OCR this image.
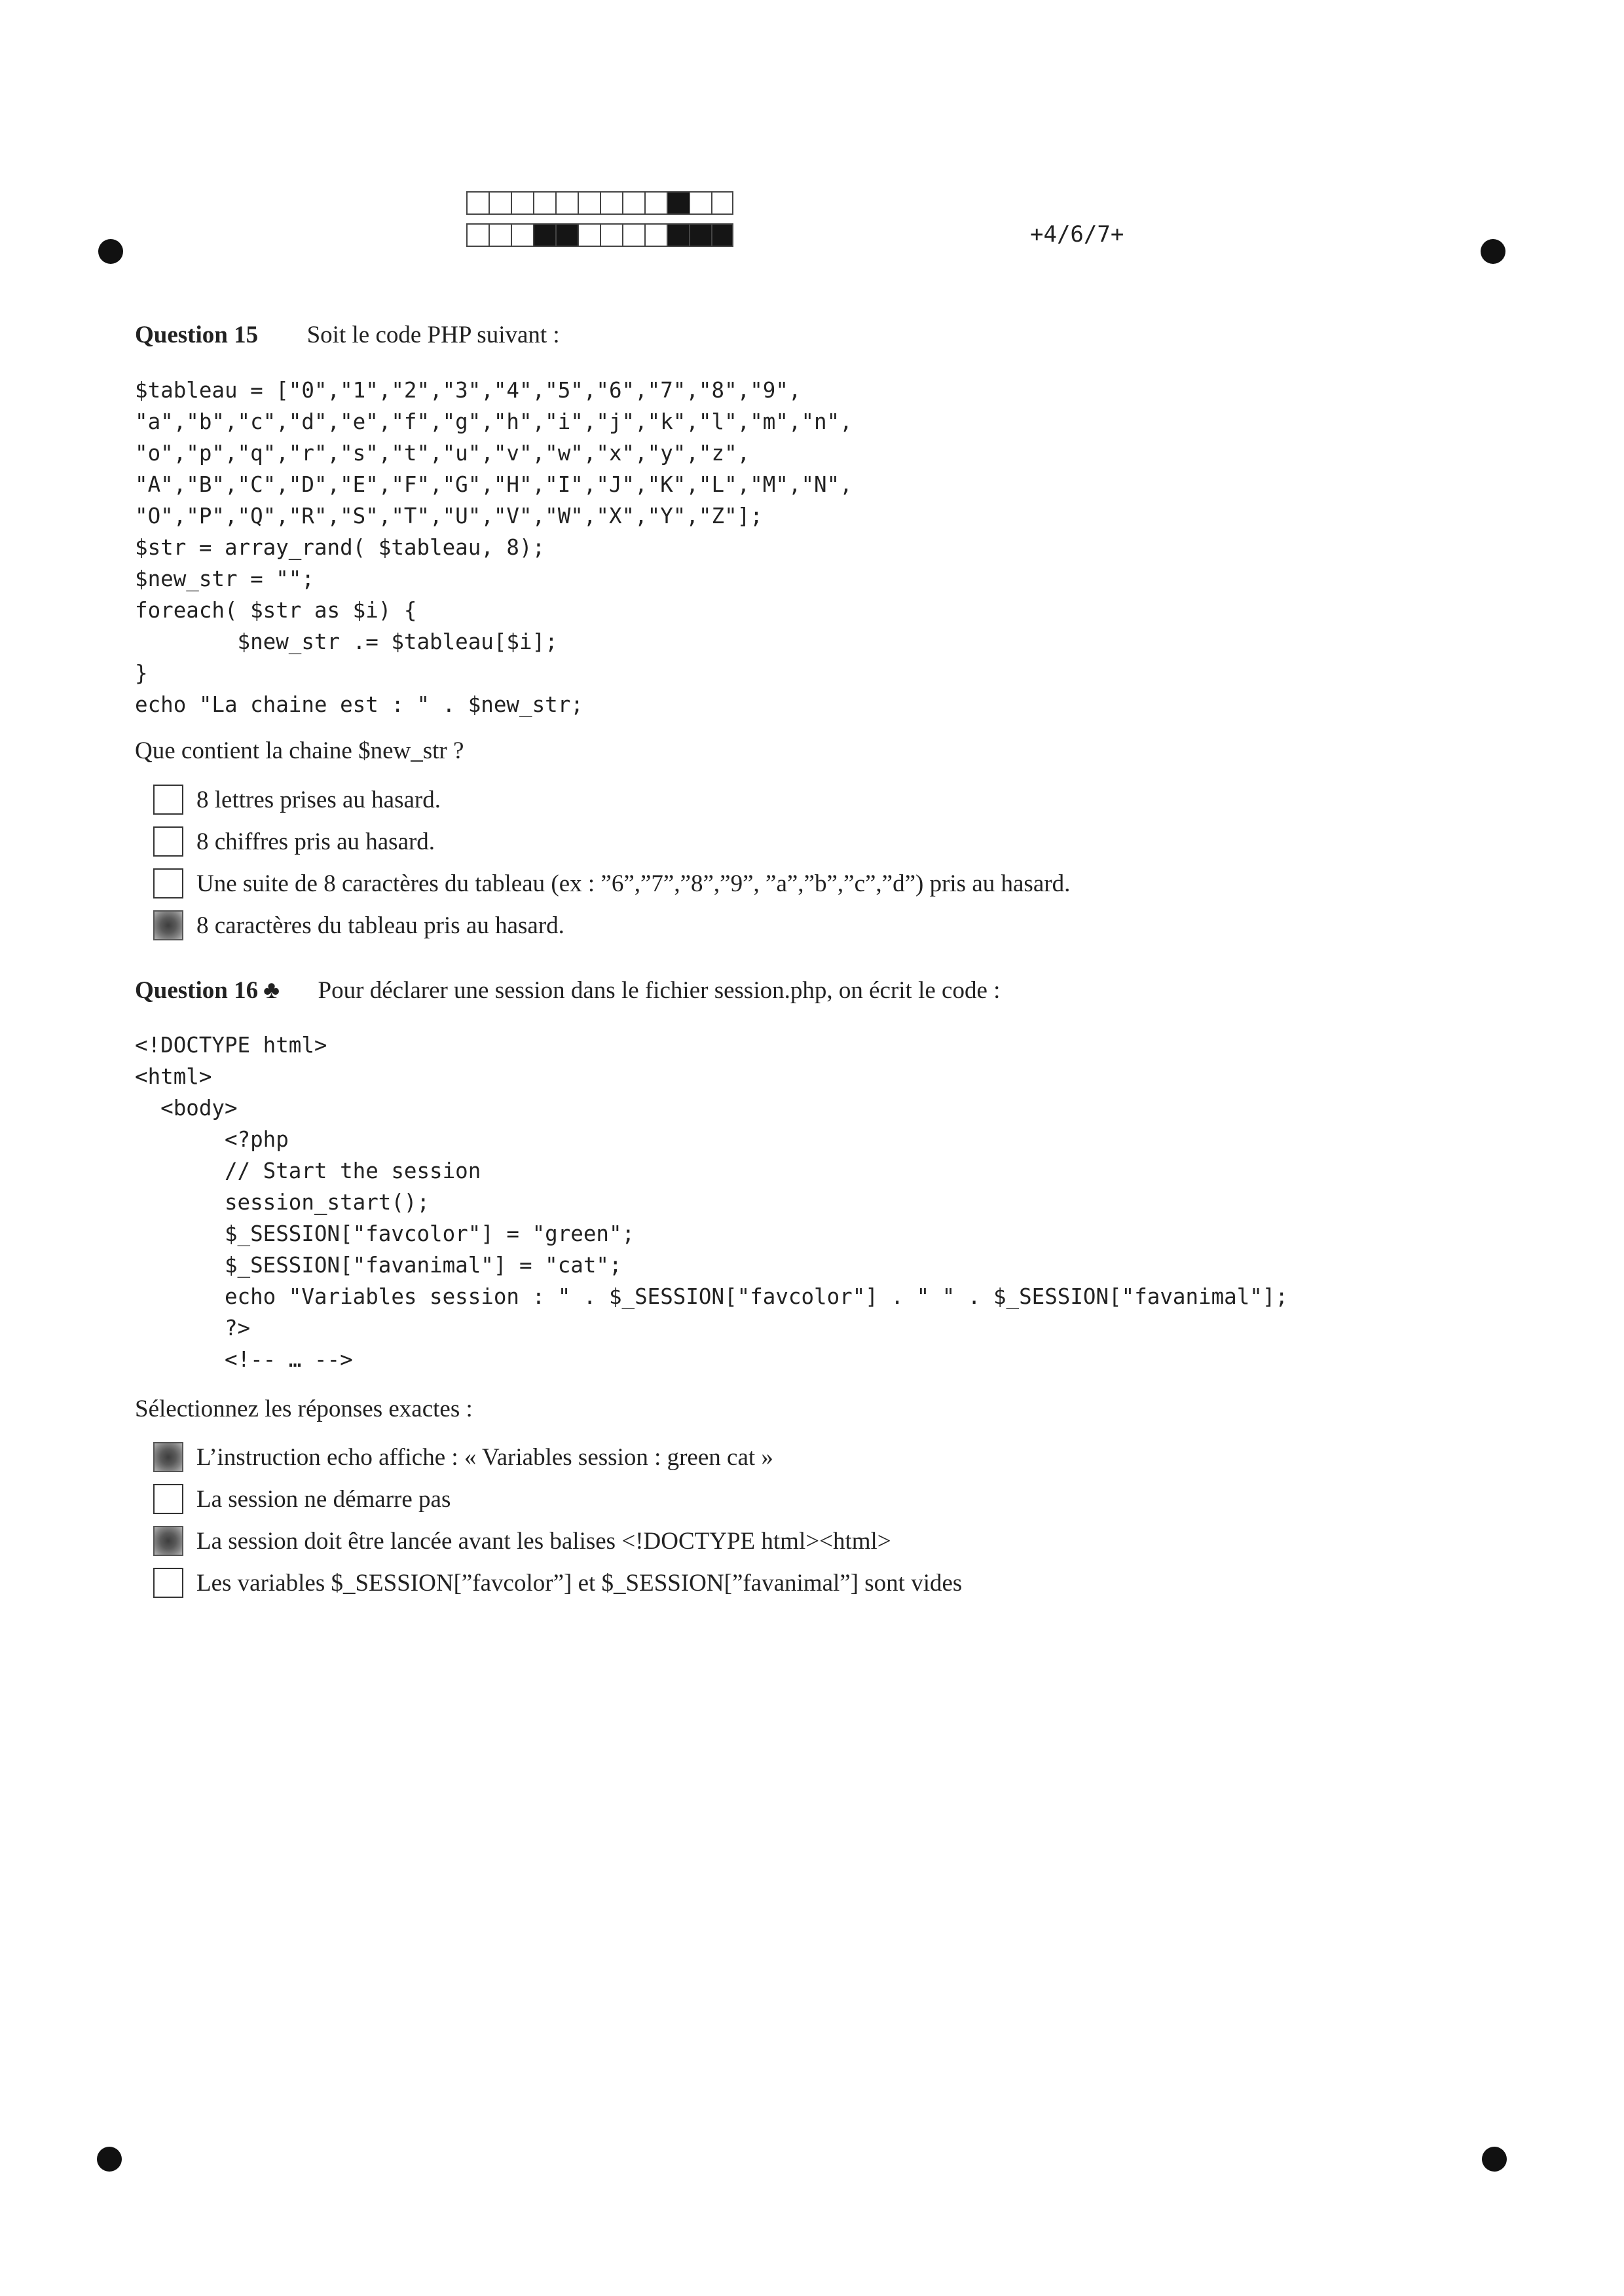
+4/6/7+
Question 15 Soit le code PHP suivant :
$tableau = ["0","1","2","3","4","5","6","7","8","9",
"a","b","c","d","e","f","g","h","i","j","k","l","m","n",
"o","p","q","r","s","t","u","v","w","x","y","z",
"A","B","C","D","E","F","G","H","I","J","K","L","M","N",
"O","P","Q","R","S","T","U","V","W","X","Y","Z"];
$str = array_rand( $tableau, 8);
$new_str = "";
foreach( $str as $i) {
$new_str .= $tableau[$i];
}
echo "La chaine est : " . $new_str;
Que contient la chaine $new_str ?
8 lettres prises au hasard.
8 chiffres pris au hasard.
Une suite de 8 caractères du tableau (ex : ”6”,”7”,”8”,”9”, ”a”,”b”,”c”,”d”) pris au hasard.
8 caractères du tableau pris au hasard.
Question 16 ♣ Pour déclarer une session dans le fichier session.php, on écrit le code :
<!DOCTYPE html>
<html>
<body>
<?php
// Start the session
session_start();
$_SESSION["favcolor"] = "green";
$_SESSION["favanimal"] = "cat";
echo "Variables session : " . $_SESSION["favcolor"] . " " . $_SESSION["favanimal"];
?>
<!-- … -->
Sélectionnez les réponses exactes :
L’instruction echo affiche : « Variables session : green cat »
La session ne démarre pas
La session doit être lancée avant les balises <!DOCTYPE html><html>
Les variables $_SESSION[”favcolor”] et $_SESSION[”favanimal”] sont vides
